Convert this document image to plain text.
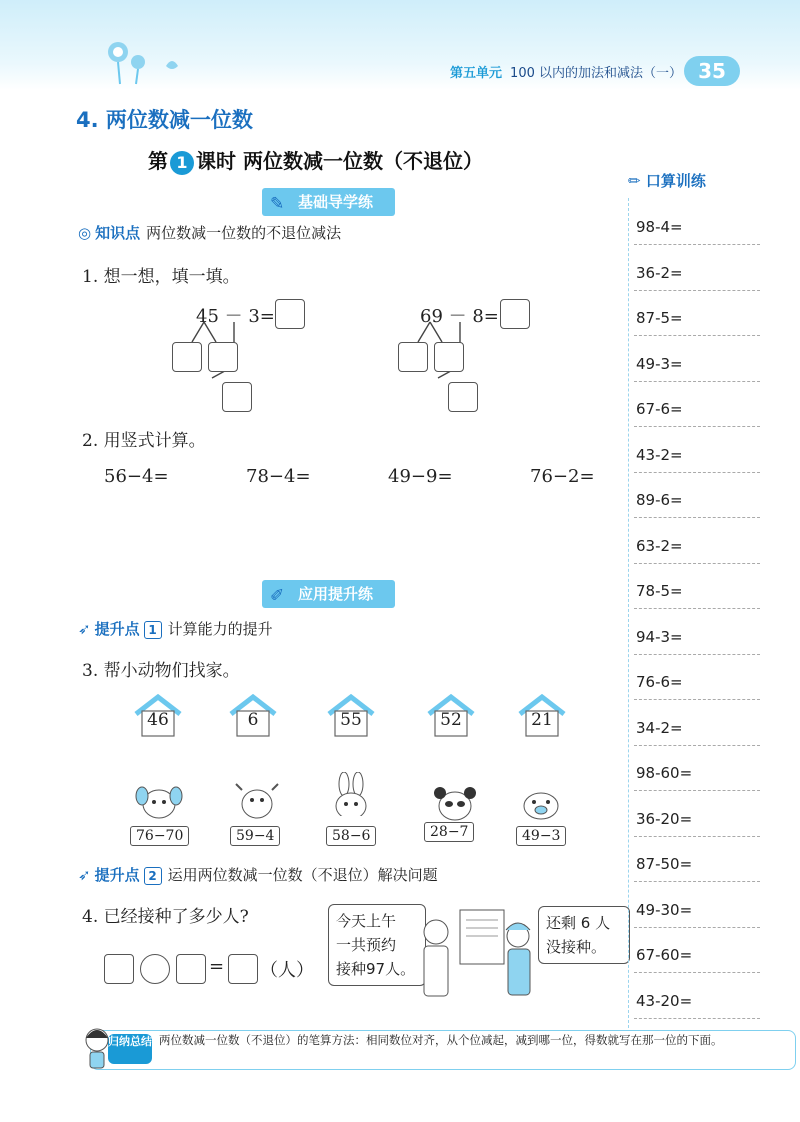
第五单元 100 以内的加法和减法（一） 35
4. 两位数减一位数
第 1 课时 两位数减一位数（不退位）
✎ 基础导学练
◎ 知识点 两位数减一位数的不退位减法
1. 想一想，填一填。
45 － 3=	69 － 8=
2. 用竖式计算。
56−4=	78−4=	49−9=	76−2=
✐ 应用提升练
➶ 提升点 1 计算能力的提升
3. 帮小动物们找家。
46	6	55	52	21
76−70	59−4	58−6	28−7	49−3
➶ 提升点 2 运用两位数减一位数（不退位）解决问题
4. 已经接种了多少人?
= （人）
今天上午
一共预约
接种97人。
还剩 6 人
没接种。
✏ 口算训练
98-4=
36-2=
87-5=
49-3=
67-6=
43-2=
89-6=
63-2=
78-5=
94-3=
76-6=
34-2=
98-60=
36-20=
87-50=
49-30=
67-60=
43-20=
两位数减一位数（不退位）的笔算方法：相同数位对齐，从个位减起，减到哪一位，得数就写在那一位的下面。
归纳总结
